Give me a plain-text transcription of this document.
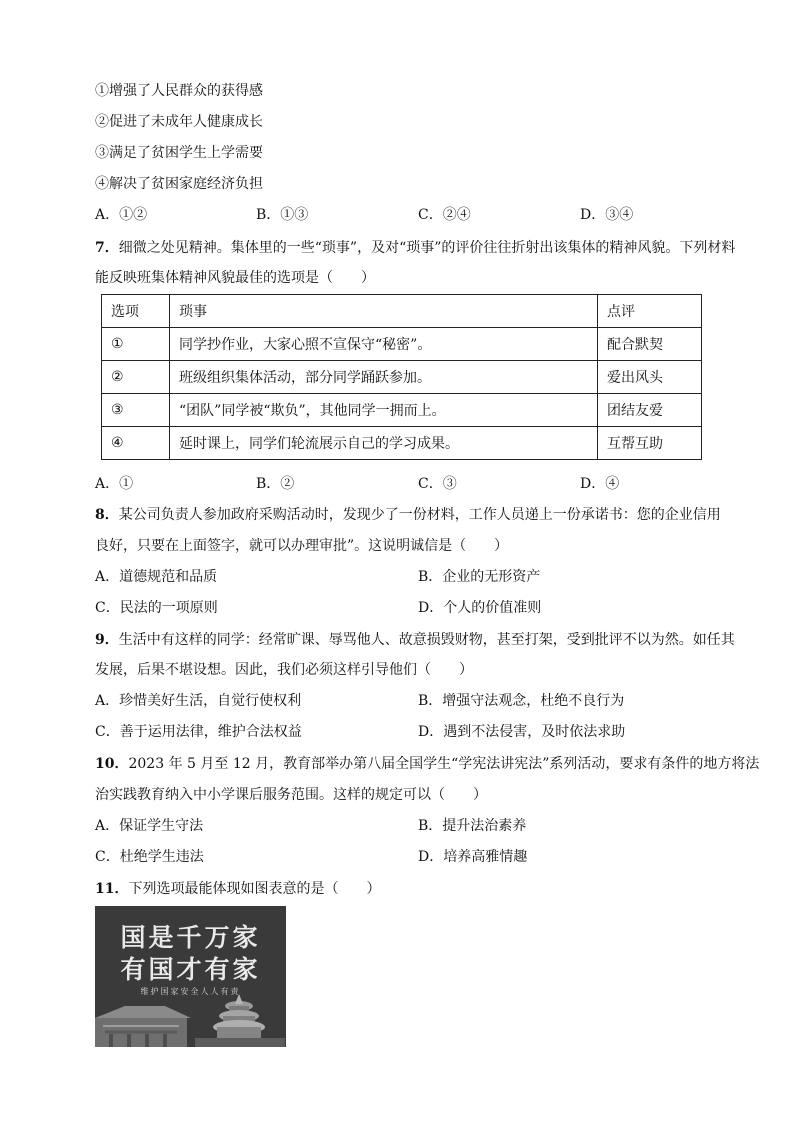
①增强了人民群众的获得感
②促进了未成年人健康成长
③满足了贫困学生上学需要
④解决了贫困家庭经济负担
A．①②	B．①③	C．②④	D．③④
7．细微之处见精神。集体里的一些“琐事”，及对“琐事”的评价往往折射出该集体的精神风貌。下列材料
能反映班集体精神风貌最佳的选项是（　　）
选项	琐事	点评
①	同学抄作业，大家心照不宣保守“秘密”。	配合默契
②	班级组织集体活动，部分同学踊跃参加。	爱出风头
③	“团队”同学被“欺负”，其他同学一拥而上。	团结友爱
④	延时课上，同学们轮流展示自己的学习成果。	互帮互助
A．①	B．②	C．③	D．④
8．某公司负责人参加政府采购活动时，发现少了一份材料，工作人员递上一份承诺书：您的企业信用
良好，只要在上面签字，就可以办理审批”。这说明诚信是（　　）
A．道德规范和品质	B．企业的无形资产
C．民法的一项原则	D．个人的价值准则
9．生活中有这样的同学：经常旷课、辱骂他人、故意损毁财物，甚至打架，受到批评不以为然。如任其
发展，后果不堪设想。因此，我们必须这样引导他们（　　）
A．珍惜美好生活，自觉行使权利	B．增强守法观念，杜绝不良行为
C．善于运用法律，维护合法权益	D．遇到不法侵害，及时依法求助
10．2023 年 5 月至 12 月，教育部举办第八届全国学生“学宪法讲宪法”系列活动，要求有条件的地方将法
治实践教育纳入中小学课后服务范围。这样的规定可以（　　）
A．保证学生守法	B．提升法治素养
C．杜绝学生违法	D．培养高雅情趣
11．下列选项最能体现如图表意的是（　　）
国是千万家
有国才有家
维护国家安全人人有责
